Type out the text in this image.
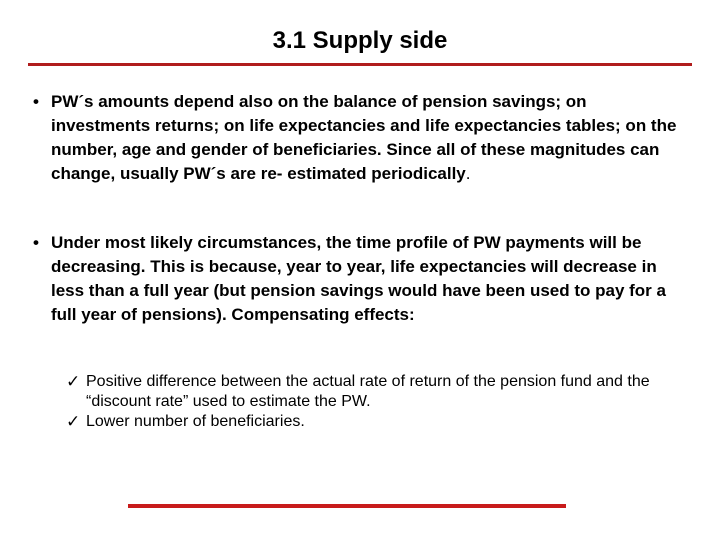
3.1 Supply side
• PW´s amounts depend also on the balance of pension savings; on investments returns; on life expectancies and life expectancies tables; on the number, age and gender of beneficiaries. Since all of these magnitudes can change, usually PW´s are re- estimated periodically.
• Under most likely circumstances, the time profile of PW payments will be decreasing. This is because, year to year, life expectancies will decrease in less than a full year (but pension savings would have been used to pay for a full year of pensions). Compensating effects:
✓ Positive difference between the actual rate of return of the pension fund and the “discount rate” used to estimate the PW.
✓ Lower number of beneficiaries.
